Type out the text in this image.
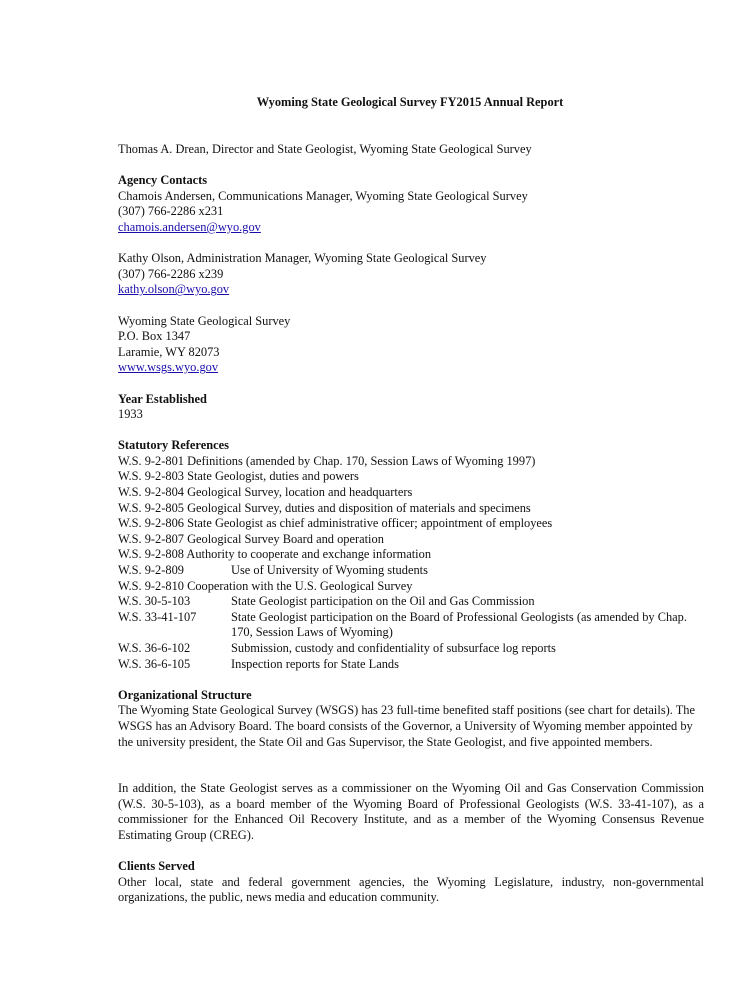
Wyoming State Geological Survey FY2015 Annual Report
Thomas A. Drean, Director and State Geologist, Wyoming State Geological Survey
Agency Contacts
Chamois Andersen, Communications Manager, Wyoming State Geological Survey
(307) 766-2286 x231
chamois.andersen@wyo.gov
Kathy Olson, Administration Manager, Wyoming State Geological Survey
(307) 766-2286 x239
kathy.olson@wyo.gov
Wyoming State Geological Survey
P.O. Box 1347
Laramie, WY 82073
www.wsgs.wyo.gov
Year Established
1933
Statutory References
W.S. 9-2-801 Definitions (amended by Chap. 170, Session Laws of Wyoming 1997)
W.S. 9-2-803 State Geologist, duties and powers
W.S. 9-2-804 Geological Survey, location and headquarters
W.S. 9-2-805 Geological Survey, duties and disposition of materials and specimens
W.S. 9-2-806 State Geologist as chief administrative officer; appointment of employees
W.S. 9-2-807 Geological Survey Board and operation
W.S. 9-2-808 Authority to cooperate and exchange information
W.S. 9-2-809	Use of University of Wyoming students
W.S. 9-2-810 Cooperation with the U.S. Geological Survey
W.S. 30-5-103	State Geologist participation on the Oil and Gas Commission
W.S. 33-41-107	State Geologist participation on the Board of Professional Geologists (as amended by Chap. 170, Session Laws of Wyoming)
W.S. 36-6-102	Submission, custody and confidentiality of subsurface log reports
W.S. 36-6-105	Inspection reports for State Lands
Organizational Structure
The Wyoming State Geological Survey (WSGS) has 23 full-time benefited staff positions (see chart for details). The WSGS has an Advisory Board. The board consists of the Governor, a University of Wyoming member appointed by the university president, the State Oil and Gas Supervisor, the State Geologist, and five appointed members.
In addition, the State Geologist serves as a commissioner on the Wyoming Oil and Gas Conservation Commission (W.S. 30-5-103), as a board member of the Wyoming Board of Professional Geologists (W.S. 33-41-107), as a commissioner for the Enhanced Oil Recovery Institute, and as a member of the Wyoming Consensus Revenue Estimating Group (CREG).
Clients Served
Other local, state and federal government agencies, the Wyoming Legislature, industry, non-governmental organizations, the public, news media and education community.
